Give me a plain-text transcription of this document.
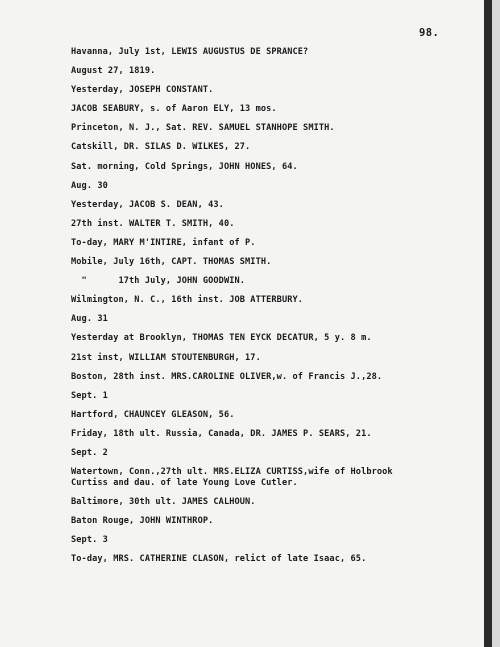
98.
Havanna, July 1st, LEWIS AUGUSTUS DE SPRANCE?
August 27, 1819.
Yesterday, JOSEPH CONSTANT.
JACOB SEABURY, s. of Aaron ELY, 13 mos.
Princeton, N. J., Sat. REV. SAMUEL STANHOPE SMITH.
Catskill, DR. SILAS D. WILKES, 27.
Sat. morning, Cold Springs, JOHN HONES, 64.
Aug. 30
Yesterday, JACOB S. DEAN, 43.
27th inst. WALTER T. SMITH, 40.
To-day, MARY M'INTIRE, infant of P.
Mobile, July 16th, CAPT. THOMAS SMITH.
"      17th July, JOHN GOODWIN.
Wilmington, N. C., 16th inst. JOB ATTERBURY.
Aug. 31
Yesterday at Brooklyn, THOMAS TEN EYCK DECATUR, 5 y. 8 m.
21st inst, WILLIAM STOUTENBURGH, 17.
Boston, 28th inst. MRS.CAROLINE OLIVER,w. of Francis J.,28.
Sept. 1
Hartford, CHAUNCEY GLEASON, 56.
Friday, 18th ult. Russia, Canada, DR. JAMES P. SEARS, 21.
Sept. 2
Watertown, Conn.,27th ult. MRS.ELIZA CURTISS,wife of Holbrook
Curtiss and dau. of late Young Love Cutler.
Baltimore, 30th ult. JAMES CALHOUN.
Baton Rouge, JOHN WINTHROP.
Sept. 3
To-day, MRS. CATHERINE CLASON, relict of late Isaac, 65.
